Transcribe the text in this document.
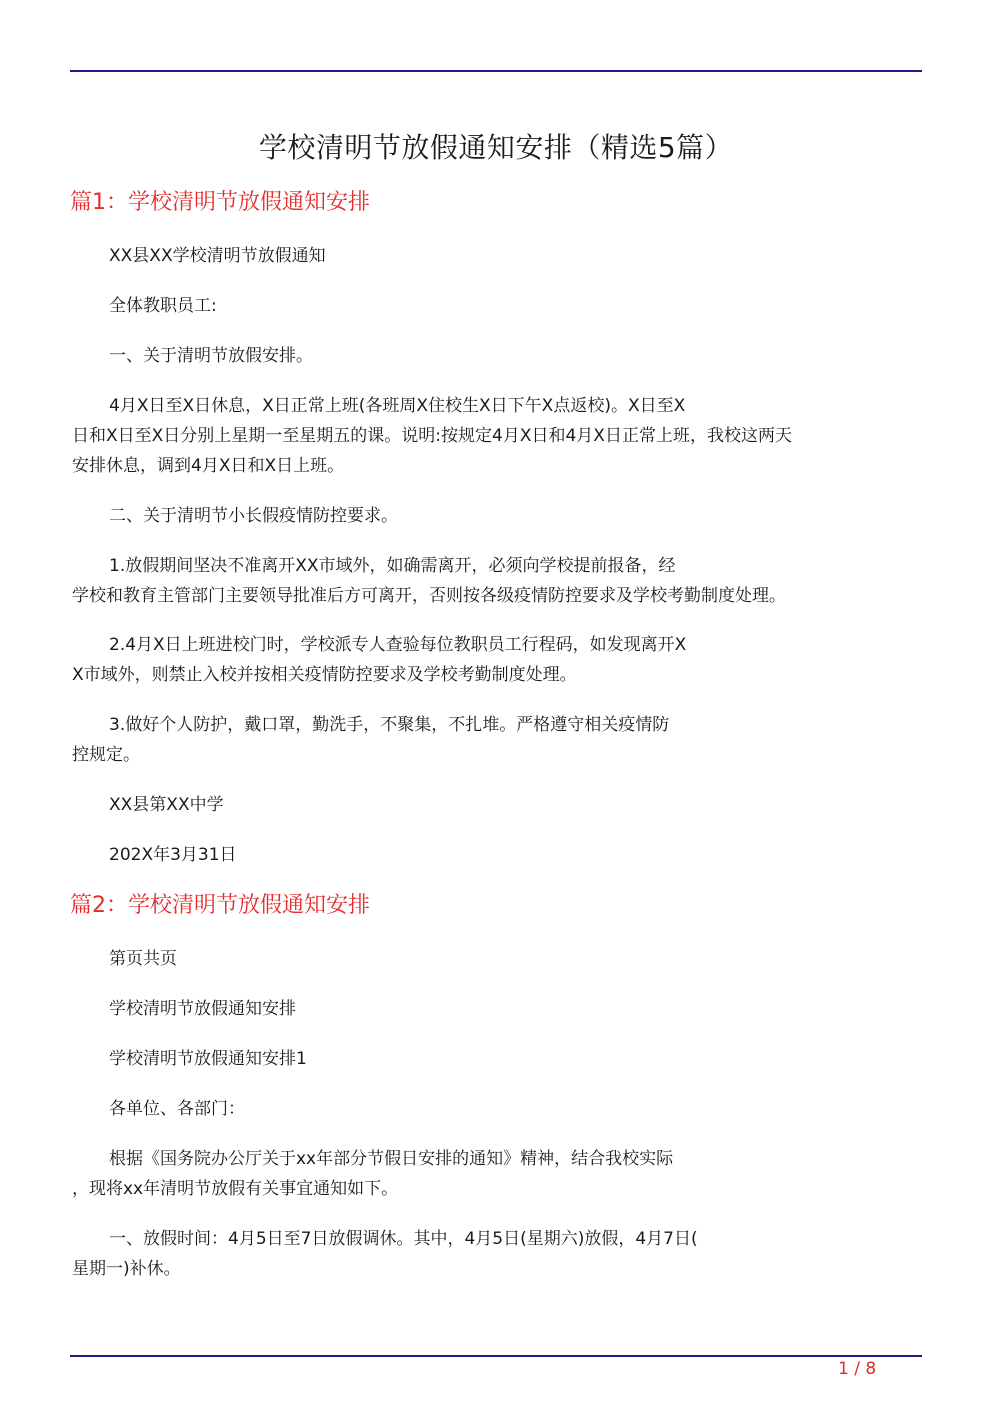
学校清明节放假通知安排（精选5篇）
篇1：学校清明节放假通知安排

XX县XX学校清明节放假通知

全体教职员工:

一、关于清明节放假安排。

4月X日至X日休息，X日正常上班(各班周X住校生X日下午X点返校)。X日至X
日和X日至X日分别上星期一至星期五的课。说明:按规定4月X日和4月X日正常上班，我校这两天
安排休息，调到4月X日和X日上班。

二、关于清明节小长假疫情防控要求。

1.放假期间坚决不准离开XX市域外，如确需离开，必须向学校提前报备，经
学校和教育主管部门主要领导批准后方可离开，否则按各级疫情防控要求及学校考勤制度处理。

2.4月X日上班进校门时，学校派专人查验每位教职员工行程码，如发现离开X
X市域外，则禁止入校并按相关疫情防控要求及学校考勤制度处理。

3.做好个人防护，戴口罩，勤洗手，不聚集，不扎堆。严格遵守相关疫情防
控规定。

XX县第XX中学

202X年3月31日

篇2：学校清明节放假通知安排

第页共页

学校清明节放假通知安排

学校清明节放假通知安排1

各单位、各部门：

根据《国务院办公厅关于xx年部分节假日安排的通知》精神，结合我校实际
，现将xx年清明节放假有关事宜通知如下。

一、放假时间：4月5日至7日放假调休。其中，4月5日(星期六)放假，4月7日(
星期一)补休。

1 / 8
